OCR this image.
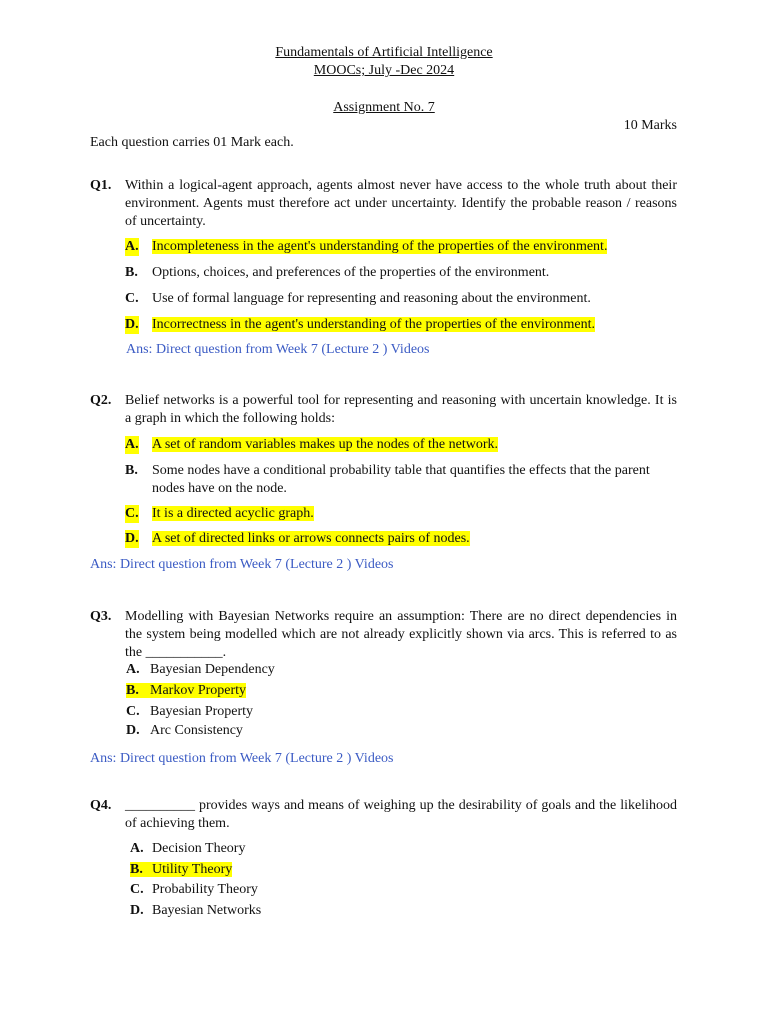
Fundamentals of Artificial Intelligence
MOOCs; July -Dec 2024
Assignment No. 7
10 Marks
Each question carries 01 Mark each.
Q1. Within a logical-agent approach, agents almost never have access to the whole truth about their environment. Agents must therefore act under uncertainty. Identify the probable reason / reasons of uncertainty.
A. Incompleteness in the agent's understanding of the properties of the environment.
B. Options, choices, and preferences of the properties of the environment.
C. Use of formal language for representing and reasoning about the environment.
D. Incorrectness in the agent's understanding of the properties of the environment.
Ans: Direct question from Week 7 (Lecture 2 ) Videos
Q2. Belief networks is a powerful tool for representing and reasoning with uncertain knowledge. It is a graph in which the following holds:
A. A set of random variables makes up the nodes of the network.
B. Some nodes have a conditional probability table that quantifies the effects that the parent nodes have on the node.
C. It is a directed acyclic graph.
D. A set of directed links or arrows connects pairs of nodes.
Ans: Direct question from Week 7 (Lecture 2 ) Videos
Q3. Modelling with Bayesian Networks require an assumption: There are no direct dependencies in the system being modelled which are not already explicitly shown via arcs. This is referred to as the ___________.
A. Bayesian Dependency
B. Markov Property
C. Bayesian Property
D. Arc Consistency
Ans: Direct question from Week 7 (Lecture 2 ) Videos
Q4. __________ provides ways and means of weighing up the desirability of goals and the likelihood of achieving them.
A. Decision Theory
B. Utility Theory
C. Probability Theory
D. Bayesian Networks
